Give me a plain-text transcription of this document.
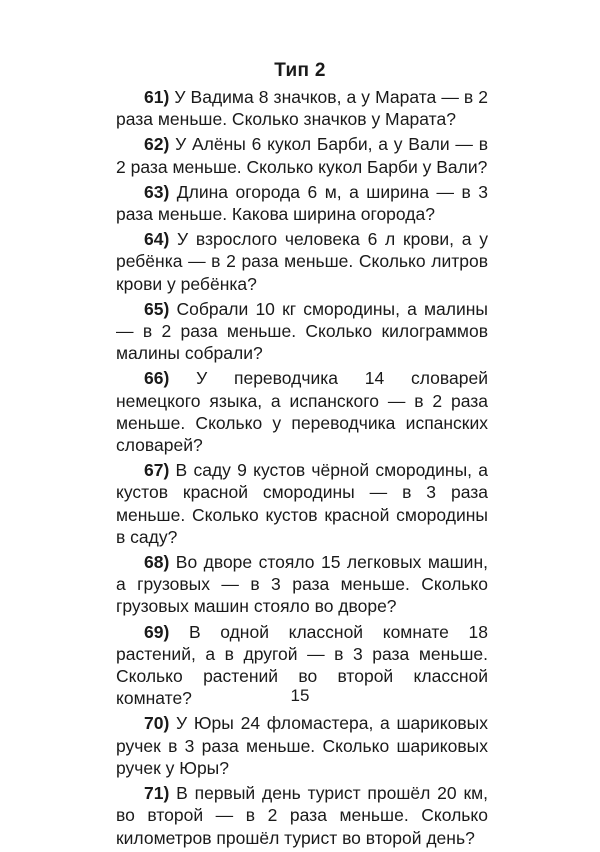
Тип 2

61) У Вадима 8 значков, а у Марата — в 2 раза меньше. Сколько значков у Марата?

62) У Алёны 6 кукол Барби, а у Вали — в 2 раза меньше. Сколько кукол Барби у Вали?

63) Длина огорода 6 м, а ширина — в 3 раза меньше. Какова ширина огорода?

64) У взрослого человека 6 л крови, а у ребёнка — в 2 раза меньше. Сколько литров крови у ребёнка?

65) Собрали 10 кг смородины, а малины — в 2 раза меньше. Сколько килограммов малины собрали?

66) У переводчика 14 словарей немецкого языка, а испанского — в 2 раза меньше. Сколько у переводчика испанских словарей?

67) В саду 9 кустов чёрной смородины, а кустов красной смородины — в 3 раза меньше. Сколько кустов красной смородины в саду?

68) Во дворе стояло 15 легковых машин, а грузовых — в 3 раза меньше. Сколько грузовых машин стояло во дворе?

69) В одной классной комнате 18 растений, а в другой — в 3 раза меньше. Сколько растений во второй классной комнате?

70) У Юры 24 фломастера, а шариковых ручек в 3 раза меньше. Сколько шариковых ручек у Юры?

71) В первый день турист прошёл 20 км, во второй — в 2 раза меньше. Сколько километров прошёл турист во второй день?

15
